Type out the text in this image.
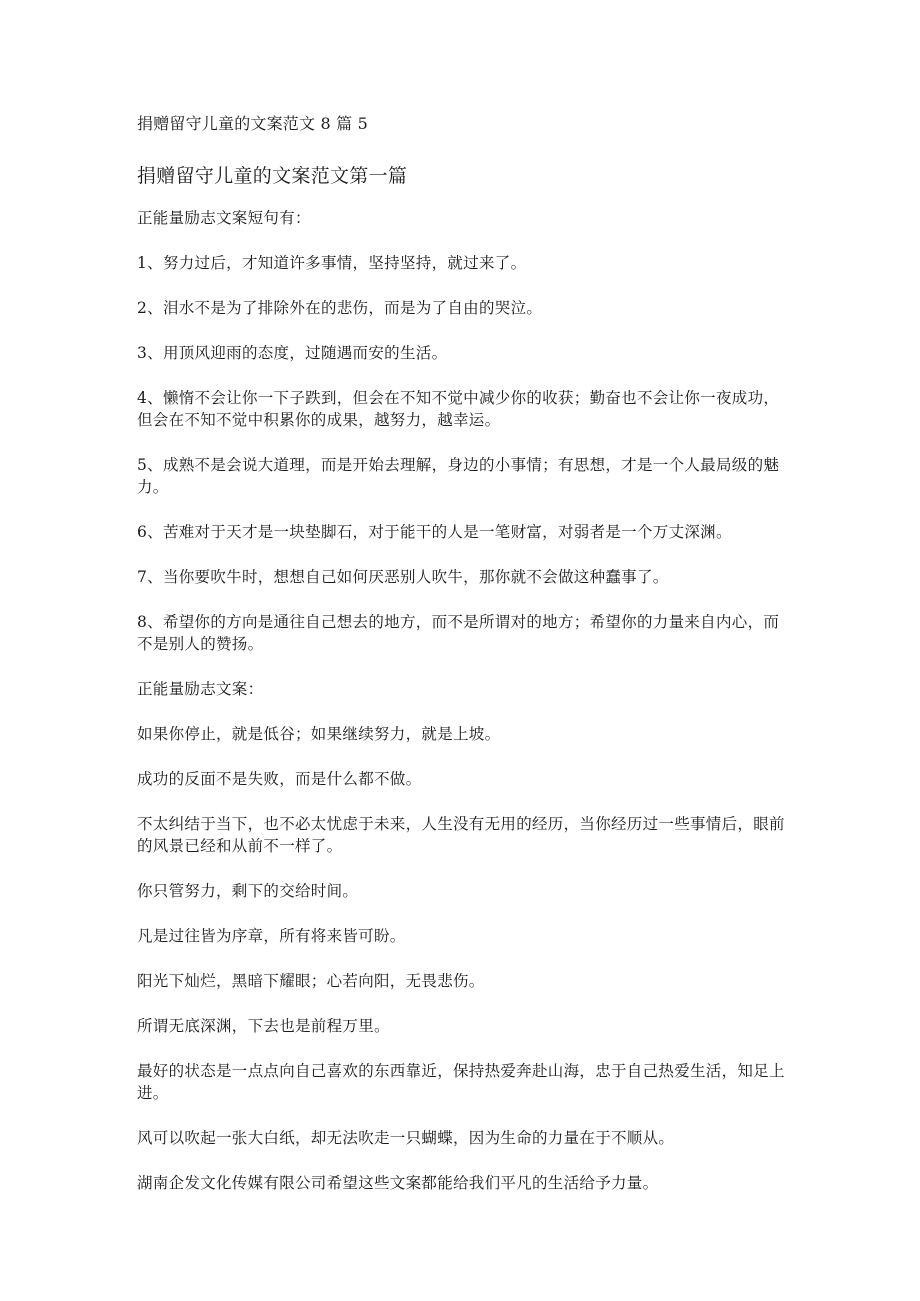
捐赠留守儿童的文案范文 8 篇 5
捐赠留守儿童的文案范文第一篇

正能量励志文案短句有：

1、努力过后，才知道许多事情，坚持坚持，就过来了。

2、泪水不是为了排除外在的悲伤，而是为了自由的哭泣。

3、用顶风迎雨的态度，过随遇而安的生活。

4、懒惰不会让你一下子跌到，但会在不知不觉中减少你的收获；勤奋也不会让你一夜成功，但会在不知不觉中积累你的成果，越努力，越幸运。

5、成熟不是会说大道理，而是开始去理解，身边的小事情；有思想，才是一个人最局级的魅力。

6、苦难对于天才是一块垫脚石，对于能干的人是一笔财富，对弱者是一个万丈深渊。

7、当你要吹牛时，想想自己如何厌恶别人吹牛，那你就不会做这种蠢事了。

8、希望你的方向是通往自己想去的地方，而不是所谓对的地方；希望你的力量来自内心，而不是别人的赞扬。

正能量励志文案：

如果你停止，就是低谷；如果继续努力，就是上坡。

成功的反面不是失败，而是什么都不做。

不太纠结于当下，也不必太忧虑于未来，人生没有无用的经历，当你经历过一些事情后，眼前的风景已经和从前不一样了。

你只管努力，剩下的交给时间。

凡是过往皆为序章，所有将来皆可盼。

阳光下灿烂，黑暗下耀眼；心若向阳，无畏悲伤。

所谓无底深渊，下去也是前程万里。

最好的状态是一点点向自己喜欢的东西靠近，保持热爱奔赴山海，忠于自己热爱生活，知足上进。

风可以吹起一张大白纸，却无法吹走一只蝴蝶，因为生命的力量在于不顺从。

湖南企发文化传媒有限公司希望这些文案都能给我们平凡的生活给予力量。
